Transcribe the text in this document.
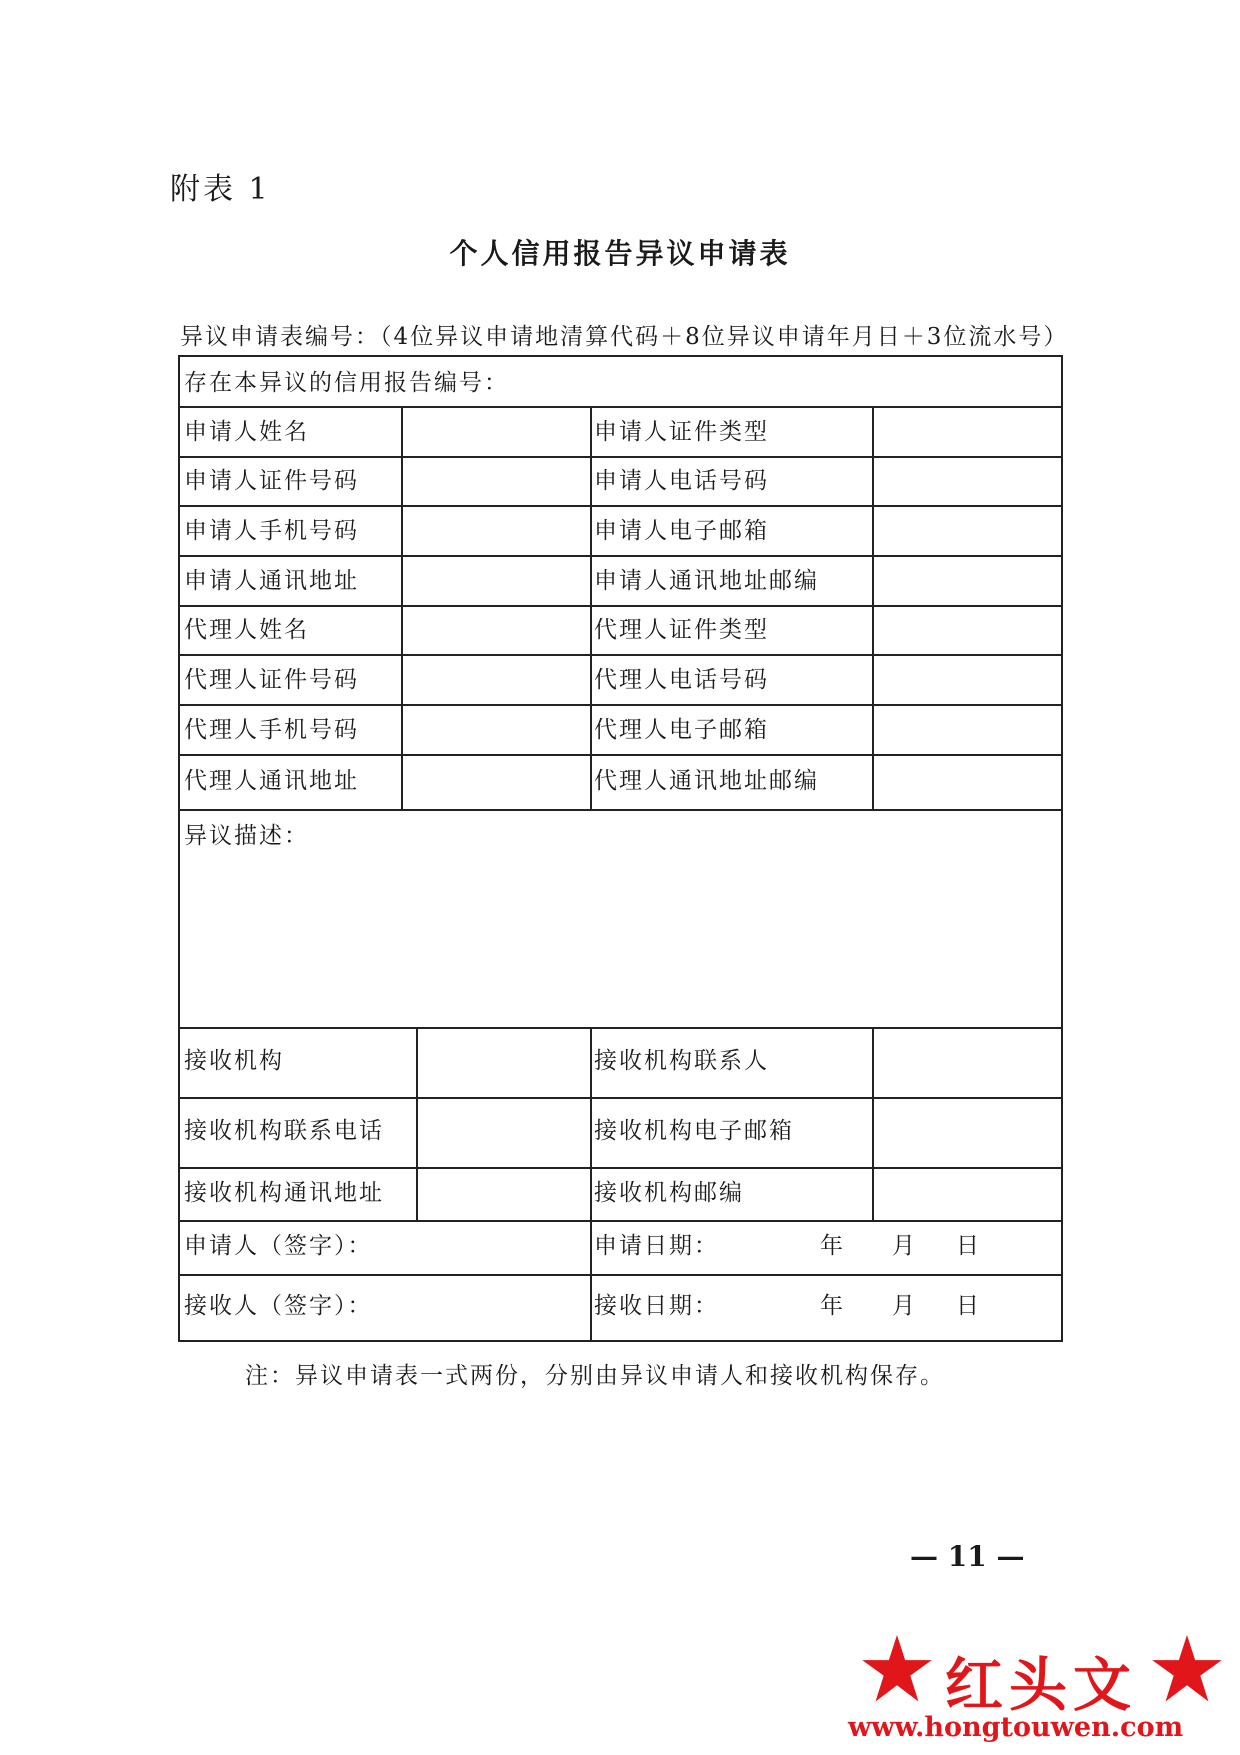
附表 1
个人信用报告异议申请表
异议申请表编号：（4位异议申请地清算代码＋8位异议申请年月日＋3位流水号）
存在本异议的信用报告编号：
申请人姓名	申请人证件类型
申请人证件号码	申请人电话号码
申请人手机号码	申请人电子邮箱
申请人通讯地址	申请人通讯地址邮编
代理人姓名	代理人证件类型
代理人证件号码	代理人电话号码
代理人手机号码	代理人电子邮箱
代理人通讯地址	代理人通讯地址邮编
异议描述：
接收机构	接收机构联系人
接收机构联系电话	接收机构电子邮箱
接收机构通讯地址	接收机构邮编
申请人（签字）：	申请日期：	年 月 日
接收人（签字）：	接收日期：	年 月 日
注：异议申请表一式两份，分别由异议申请人和接收机构保存。
— 11 —
红头文
www.hongtouwen.com
